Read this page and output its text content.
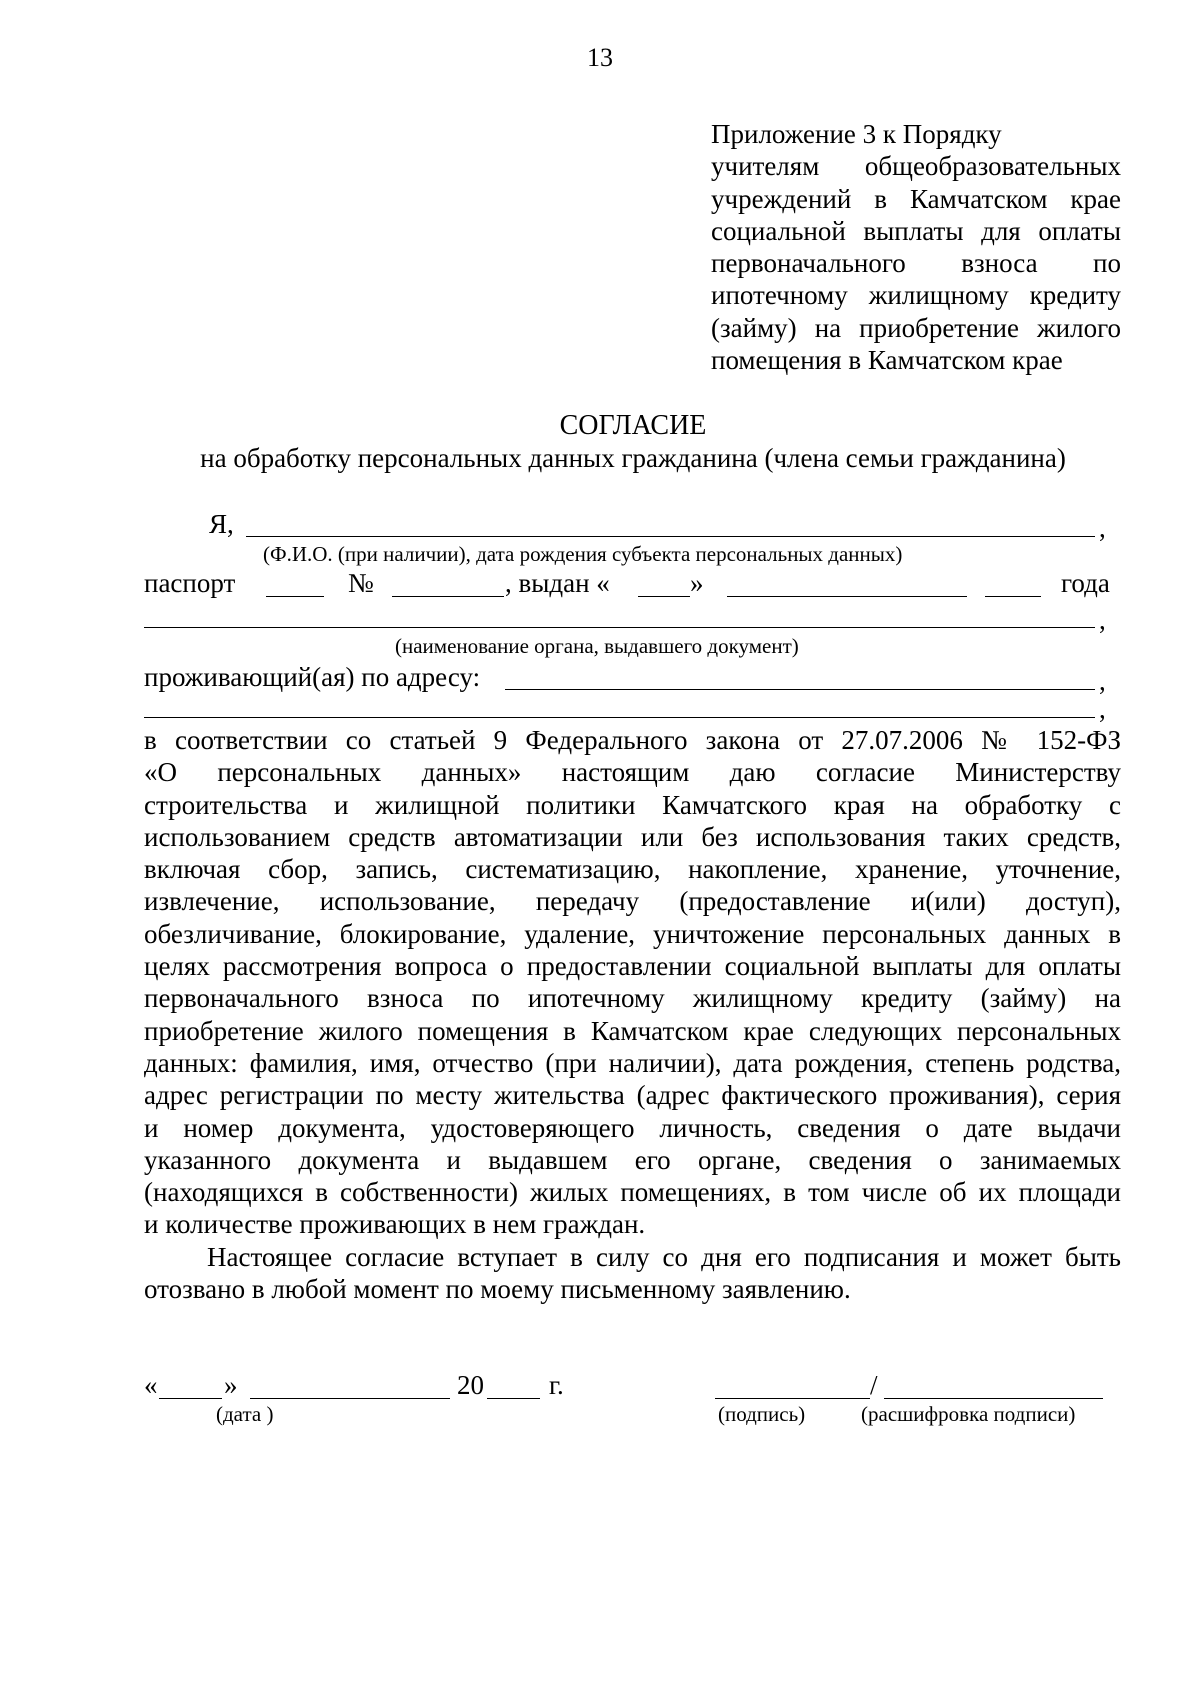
13
Приложение 3 к Порядку
учителям общеобразовательных
учреждений в Камчатском крае
социальной выплаты для оплаты
первоначального взноса по
ипотечному жилищному кредиту
(займу) на приобретение жилого
помещения в Камчатском крае
СОГЛАСИЕ
на обработку персональных данных гражданина (члена семьи гражданина)
Я,	,
(Ф.И.О. (при наличии), дата рождения субъекта персональных данных)
паспорт	№	, выдан «	»	года
,
(наименование органа, выдавшего документ)
проживающий(ая) по адресу:	,
,
в соответствии со статьей 9 Федерального закона от 27.07.2006 № 152-ФЗ
«О персональных данных» настоящим даю согласие Министерству
строительства и жилищной политики Камчатского края на обработку с
использованием средств автоматизации или без использования таких средств,
включая сбор, запись, систематизацию, накопление, хранение, уточнение,
извлечение, использование, передачу (предоставление и(или) доступ),
обезличивание, блокирование, удаление, уничтожение персональных данных в
целях рассмотрения вопроса о предоставлении социальной выплаты для оплаты
первоначального взноса по ипотечному жилищному кредиту (займу) на
приобретение жилого помещения в Камчатском крае следующих персональных
данных: фамилия, имя, отчество (при наличии), дата рождения, степень родства,
адрес регистрации по месту жительства (адрес фактического проживания), серия
и номер документа, удостоверяющего личность, сведения о дате выдачи
указанного документа и выдавшем его органе, сведения о занимаемых
(находящихся в собственности) жилых помещениях, в том числе об их площади
и количестве проживающих в нем граждан.
Настоящее согласие вступает в силу со дня его подписания и может быть
отозвано в любой момент по моему письменному заявлению.
« »	20 г.	/
(дата )	(подпись)	(расшифровка подписи)
